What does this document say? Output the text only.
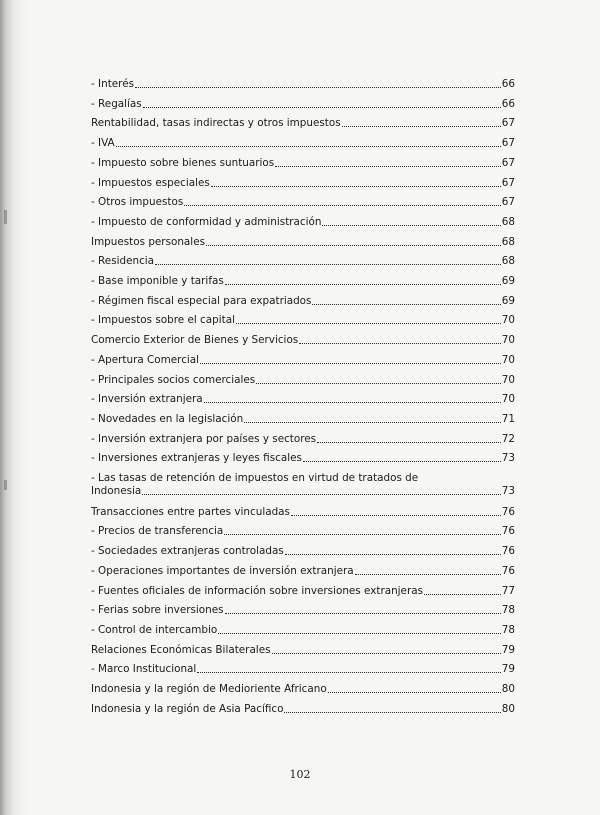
- Interés	66
- Regalías	66
Rentabilidad, tasas indirectas y otros impuestos	67
- IVA	67
- Impuesto sobre bienes suntuarios	67
- Impuestos especiales	67
- Otros impuestos	67
- Impuesto de conformidad y administración	68
Impuestos personales	68
- Residencia	68
- Base imponible y tarifas	69
- Régimen fiscal especial para expatriados	69
- Impuestos sobre el capital	70
Comercio Exterior de Bienes y Servicios	70
- Apertura Comercial	70
- Principales socios comerciales	70
- Inversión extranjera	70
- Novedades en la legislación	71
- Inversión extranjera por países y sectores	72
- Inversiones extranjeras y leyes fiscales	73
- Las tasas de retención de impuestos en virtud de tratados de
Indonesia	73
Transacciones entre partes vinculadas	76
- Precios de transferencia	76
- Sociedades extranjeras controladas	76
- Operaciones importantes de inversión extranjera	76
- Fuentes oficiales de información sobre inversiones extranjeras	77
- Ferias sobre inversiones	78
- Control de intercambio	78
Relaciones Económicas Bilaterales	79
- Marco Institucional	79
Indonesia y la región de Medioriente Africano	80
Indonesia y la región de Asia Pacífico	80
102
